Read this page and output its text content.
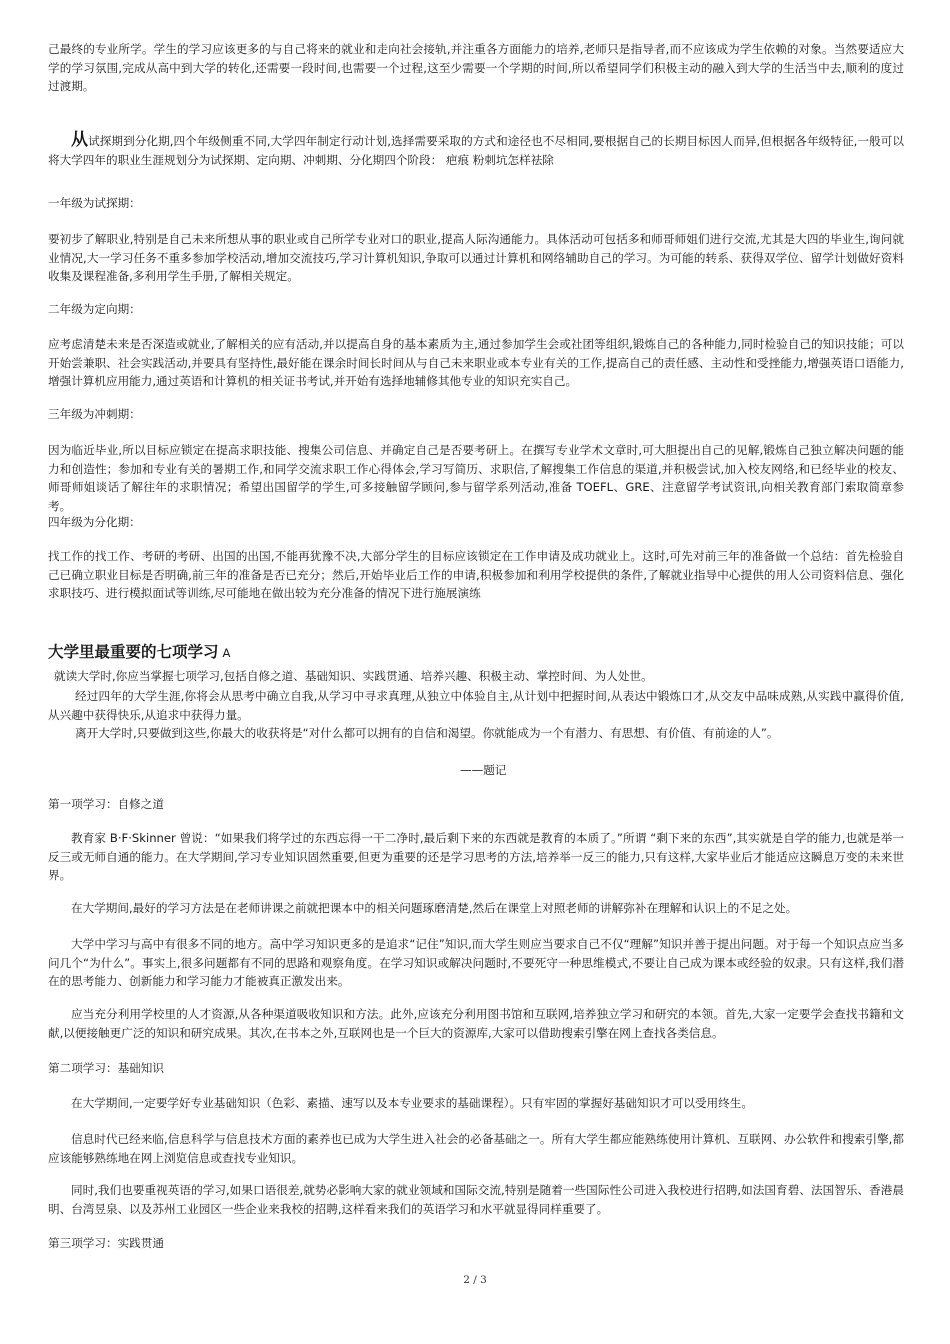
己最终的专业所学。学生的学习应该更多的与自己将来的就业和走向社会接轨,并注重各方面能力的培养,老师只是指导者,而不应该成为学生依赖的对象。当然要适应大学的学习氛围,完成从高中到大学的转化,还需要一段时间,也需要一个过程,这至少需要一个学期的时间,所以希望同学们积极主动的融入到大学的生活当中去,顺利的度过过渡期。

从试探期到分化期,四个年级侧重不同,大学四年制定行动计划,选择需要采取的方式和途径也不尽相同,要根据自己的长期目标因人而异,但根据各年级特征,一般可以将大学四年的职业生涯规划分为试探期、定向期、冲刺期、分化期四个阶段： 疤痕 粉刺坑怎样祛除

一年级为试探期：

要初步了解职业,特别是自己未来所想从事的职业或自己所学专业对口的职业,提高人际沟通能力。具体活动可包括多和师哥师姐们进行交流,尤其是大四的毕业生,询问就业情况,大一学习任务不重多参加学校活动,增加交流技巧,学习计算机知识,争取可以通过计算机和网络辅助自己的学习。为可能的转系、获得双学位、留学计划做好资料收集及课程准备,多利用学生手册,了解相关规定。

二年级为定向期：

应考虑清楚未来是否深造或就业,了解相关的应有活动,并以提高自身的基本素质为主,通过参加学生会或社团等组织,锻炼自己的各种能力,同时检验自己的知识技能；可以开始尝兼职、社会实践活动,并要具有坚持性,最好能在课余时间长时间从与自己未来职业或本专业有关的工作,提高自己的责任感、主动性和受挫能力,增强英语口语能力,增强计算机应用能力,通过英语和计算机的相关证书考试,并开始有选择地辅修其他专业的知识充实自己。

三年级为冲刺期：

因为临近毕业,所以目标应锁定在提高求职技能、搜集公司信息、并确定自己是否要考研上。在撰写专业学术文章时,可大胆提出自己的见解,锻炼自己独立解决问题的能力和创造性；参加和专业有关的暑期工作,和同学交流求职工作心得体会,学习写简历、求职信,了解搜集工作信息的渠道,并积极尝试,加入校友网络,和已经毕业的校友、师哥师姐谈话了解往年的求职情况；希望出国留学的学生,可多接触留学顾问,参与留学系列活动,准备 TOEFL、GRE、注意留学考试资讯,向相关教育部门索取简章参考。

四年级为分化期：

找工作的找工作、考研的考研、出国的出国,不能再犹豫不决,大部分学生的目标应该锁定在工作申请及成功就业上。这时,可先对前三年的准备做一个总结：首先检验自己已确立职业目标是否明确,前三年的准备是否已充分；然后,开始毕业后工作的申请,积极参加和利用学校提供的条件,了解就业指导中心提供的用人公司资料信息、强化求职技巧、进行模拟面试等训练,尽可能地在做出较为充分准备的情况下进行施展演练

大学里最重要的七项学习 A

就读大学时,你应当掌握七项学习,包括自修之道、基础知识、实践贯通、培养兴趣、积极主动、掌控时间、为人处世。

经过四年的大学生涯,你将会从思考中确立自我,从学习中寻求真理,从独立中体验自主,从计划中把握时间,从表达中锻炼口才,从交友中品味成熟,从实践中赢得价值,从兴趣中获得快乐,从追求中获得力量。

离开大学时,只要做到这些,你最大的收获将是“对什么都可以拥有的自信和渴望。你就能成为一个有潜力、有思想、有价值、有前途的人”。

——题记

第一项学习：自修之道

教育家 B·F·Skinner 曾说：“如果我们将学过的东西忘得一干二净时,最后剩下来的东西就是教育的本质了。”所谓 “剩下来的东西”,其实就是自学的能力,也就是举一反三或无师自通的能力。在大学期间,学习专业知识固然重要,但更为重要的还是学习思考的方法,培养举一反三的能力,只有这样,大家毕业后才能适应这瞬息万变的未来世界。

在大学期间,最好的学习方法是在老师讲课之前就把课本中的相关问题琢磨清楚,然后在课堂上对照老师的讲解弥补在理解和认识上的不足之处。

大学中学习与高中有很多不同的地方。高中学习知识更多的是追求“记住”知识,而大学生则应当要求自己不仅“理解”知识并善于提出问题。对于每一个知识点应当多问几个“为什么”。事实上,很多问题都有不同的思路和观察角度。在学习知识或解决问题时,不要死守一种思维模式,不要让自己成为课本或经验的奴隶。只有这样,我们潜在的思考能力、创新能力和学习能力才能被真正激发出来。

应当充分利用学校里的人才资源,从各种渠道吸收知识和方法。此外,应该充分利用图书馆和互联网,培养独立学习和研究的本领。首先,大家一定要学会查找书籍和文献,以便接触更广泛的知识和研究成果。其次,在书本之外,互联网也是一个巨大的资源库,大家可以借助搜索引擎在网上查找各类信息。

第二项学习：基础知识

在大学期间,一定要学好专业基础知识（色彩、素描、速写以及本专业要求的基础课程）。只有牢固的掌握好基础知识才可以受用终生。

信息时代已经来临,信息科学与信息技术方面的素养也已成为大学生进入社会的必备基础之一。所有大学生都应能熟练使用计算机、互联网、办公软件和搜索引擎,都应该能够熟练地在网上浏览信息或查找专业知识。

同时,我们也要重视英语的学习,如果口语很差,就势必影响大家的就业领域和国际交流,特别是随着一些国际性公司进入我校进行招聘,如法国育碧、法国智乐、香港晨明、台湾昱泉、以及苏州工业园区一些企业来我校的招聘,这样看来我们的英语学习和水平就显得同样重要了。

第三项学习：实践贯通

2 / 3
